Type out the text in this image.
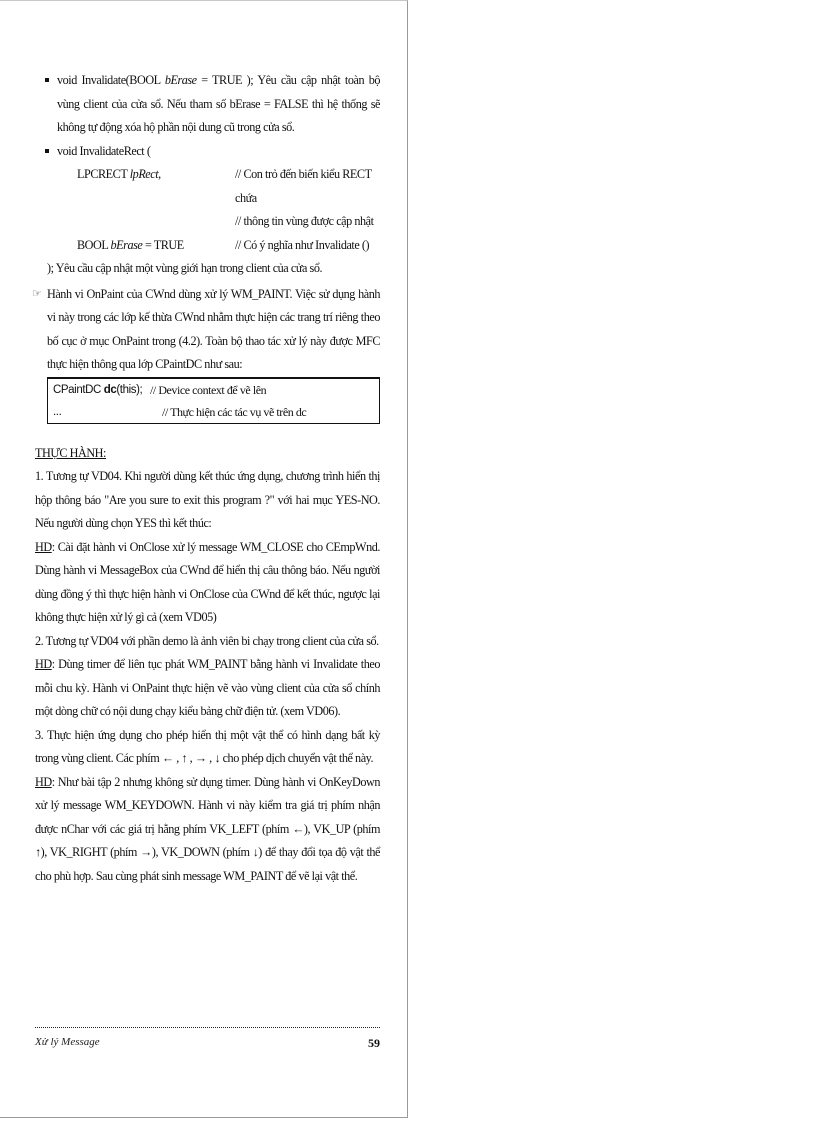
void Invalidate(BOOL bErase = TRUE ); Yêu cầu cập nhật toàn bộ vùng client của cửa sổ. Nếu tham số bErase = FALSE thì hệ thống sẽ không tự động xóa hộ phần nội dung cũ trong cửa sổ.
void InvalidateRect (
LPCRECT lpRect,	// Con trỏ đến biến kiểu RECT chứa
// thông tin vùng được cập nhật
BOOL bErase = TRUE	// Có ý nghĩa như Invalidate ()
); Yêu cầu cập nhật một vùng giới hạn trong client của cửa sổ.
☞ Hành vi OnPaint của CWnd dùng xử lý WM_PAINT. Việc sử dụng hành vi này trong các lớp kế thừa CWnd nhằm thực hiện các trang trí riêng theo bố cục ở mục OnPaint trong (4.2). Toàn bộ thao tác xử lý này được MFC thực hiện thông qua lớp CPaintDC như sau:
CPaintDC dc(this); // Device context để vẽ lên
...	// Thực hiện các tác vụ vẽ trên dc
THỰC HÀNH:
1. Tương tự VD04. Khi người dùng kết thúc ứng dụng, chương trình hiển thị hộp thông báo "Are you sure to exit this program ?" với hai mục YES-NO. Nếu người dùng chọn YES thì kết thúc:
HD: Cài đặt hành vi OnClose xử lý message WM_CLOSE cho CEmpWnd. Dùng hành vi MessageBox của CWnd để hiển thị câu thông báo. Nếu người dùng đồng ý thì thực hiện hành vi OnClose của CWnd để kết thúc, ngược lại không thực hiện xử lý gì cả (xem VD05)
2. Tương tự VD04 với phần demo là ảnh viên bi chạy trong client của cửa sổ.
HD: Dùng timer để liên tục phát WM_PAINT bằng hành vi Invalidate theo mỗi chu kỳ. Hành vi OnPaint thực hiện vẽ vào vùng client của cửa sổ chính một dòng chữ có nội dung chạy kiểu bảng chữ điện tử. (xem VD06).
3. Thực hiện ứng dụng cho phép hiển thị một vật thể có hình dạng bất kỳ trong vùng client. Các phím ← , ↑ , → , ↓ cho phép dịch chuyển vật thể này.
HD: Như bài tập 2 nhưng không sử dụng timer. Dùng hành vi OnKeyDown xử lý message WM_KEYDOWN. Hành vi này kiểm tra giá trị phím nhận được nChar với các giá trị hằng phím VK_LEFT (phím ←), VK_UP (phím ↑), VK_RIGHT (phím →), VK_DOWN (phím ↓) để thay đổi tọa độ vật thể cho phù hợp. Sau cùng phát sinh message WM_PAINT để vẽ lại vật thể.
Xử lý Message	59
